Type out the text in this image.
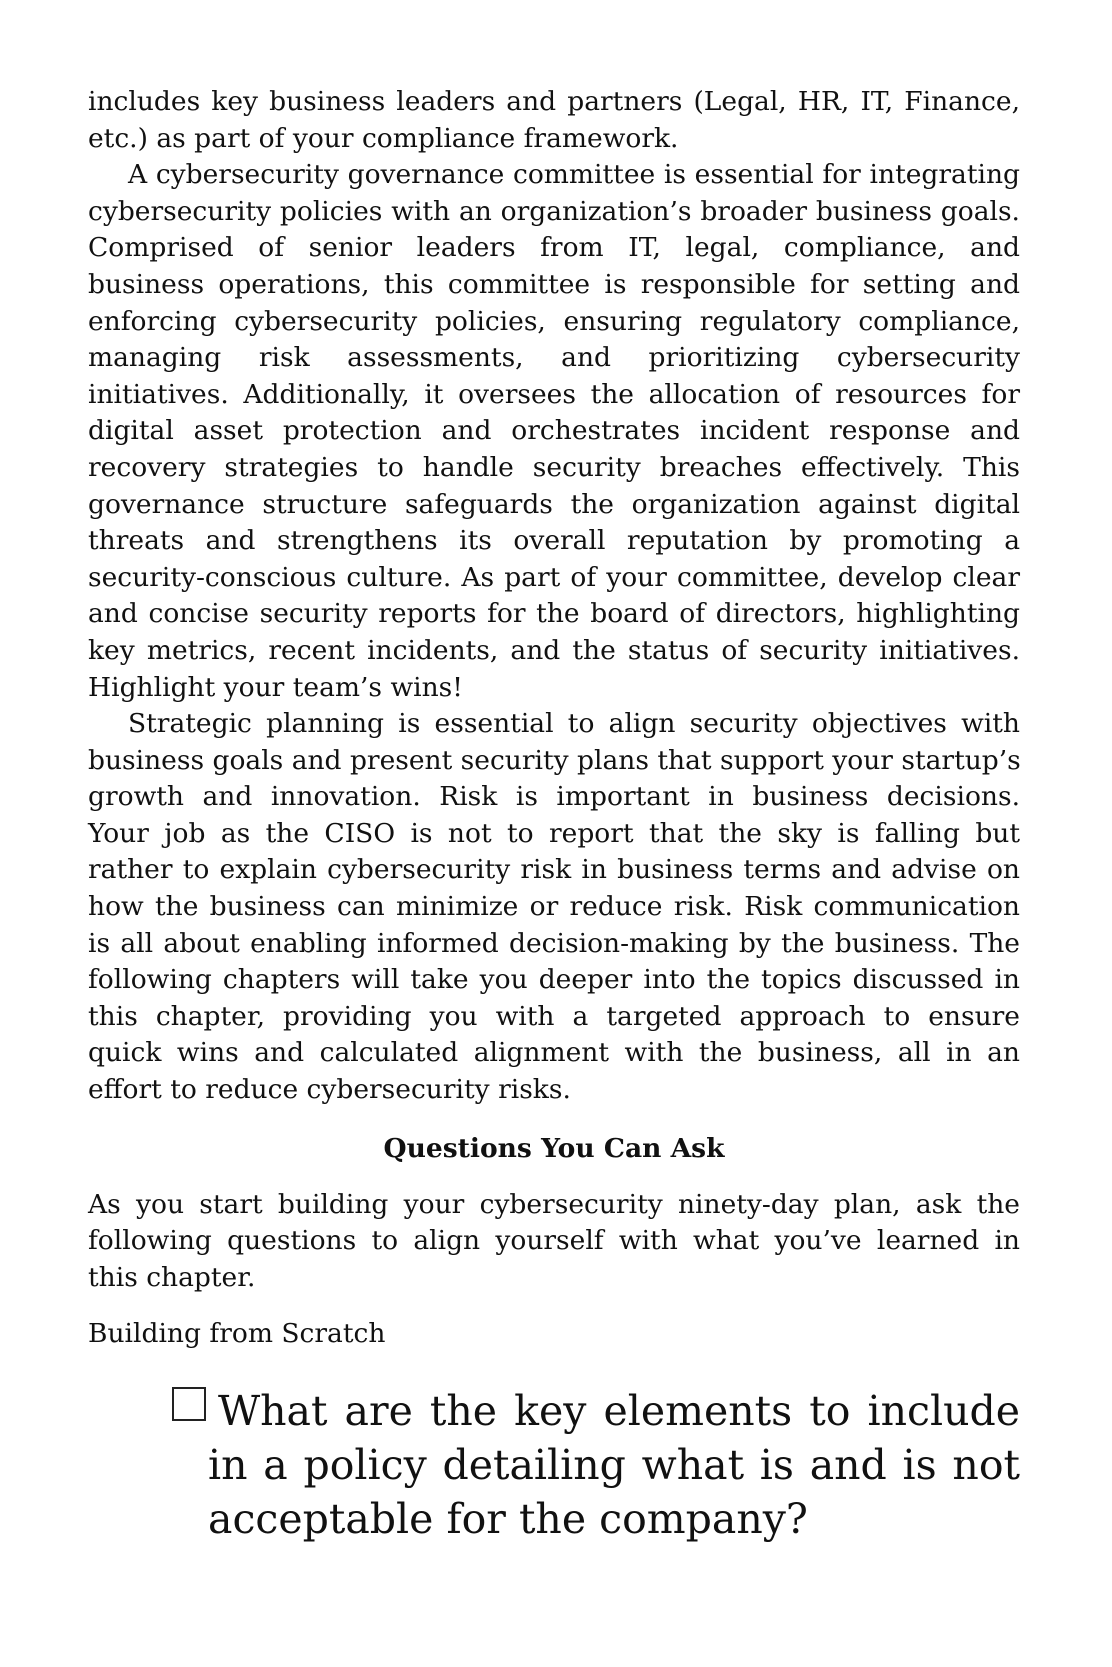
includes key business leaders and partners (Legal, HR, IT, Finance,
etc.) as part of your compliance framework.

A cybersecurity governance committee is essential for integrating
cybersecurity policies with an organization’s broader business goals.
Comprised of senior leaders from IT, legal, compliance, and
business operations, this committee is responsible for setting and
enforcing cybersecurity policies, ensuring regulatory compliance,
managing risk assessments, and prioritizing cybersecurity
initiatives. Additionally, it oversees the allocation of resources for
digital asset protection and orchestrates incident response and
recovery strategies to handle security breaches effectively. This
governance structure safeguards the organization against digital
threats and strengthens its overall reputation by promoting a
security-conscious culture. As part of your committee, develop clear
and concise security reports for the board of directors, highlighting
key metrics, recent incidents, and the status of security initiatives.
Highlight your team’s wins!

Strategic planning is essential to align security objectives with
business goals and present security plans that support your startup’s
growth and innovation. Risk is important in business decisions.
Your job as the CISO is not to report that the sky is falling but
rather to explain cybersecurity risk in business terms and advise on
how the business can minimize or reduce risk. Risk communication
is all about enabling informed decision-making by the business. The
following chapters will take you deeper into the topics discussed in
this chapter, providing you with a targeted approach to ensure
quick wins and calculated alignment with the business, all in an
effort to reduce cybersecurity risks.

Questions You Can Ask
As you start building your cybersecurity ninety-day plan, ask the
following questions to align yourself with what you’ve learned in
this chapter.

Building from Scratch

What are the key elements to include
in a policy detailing what is and is not
acceptable for the company?
